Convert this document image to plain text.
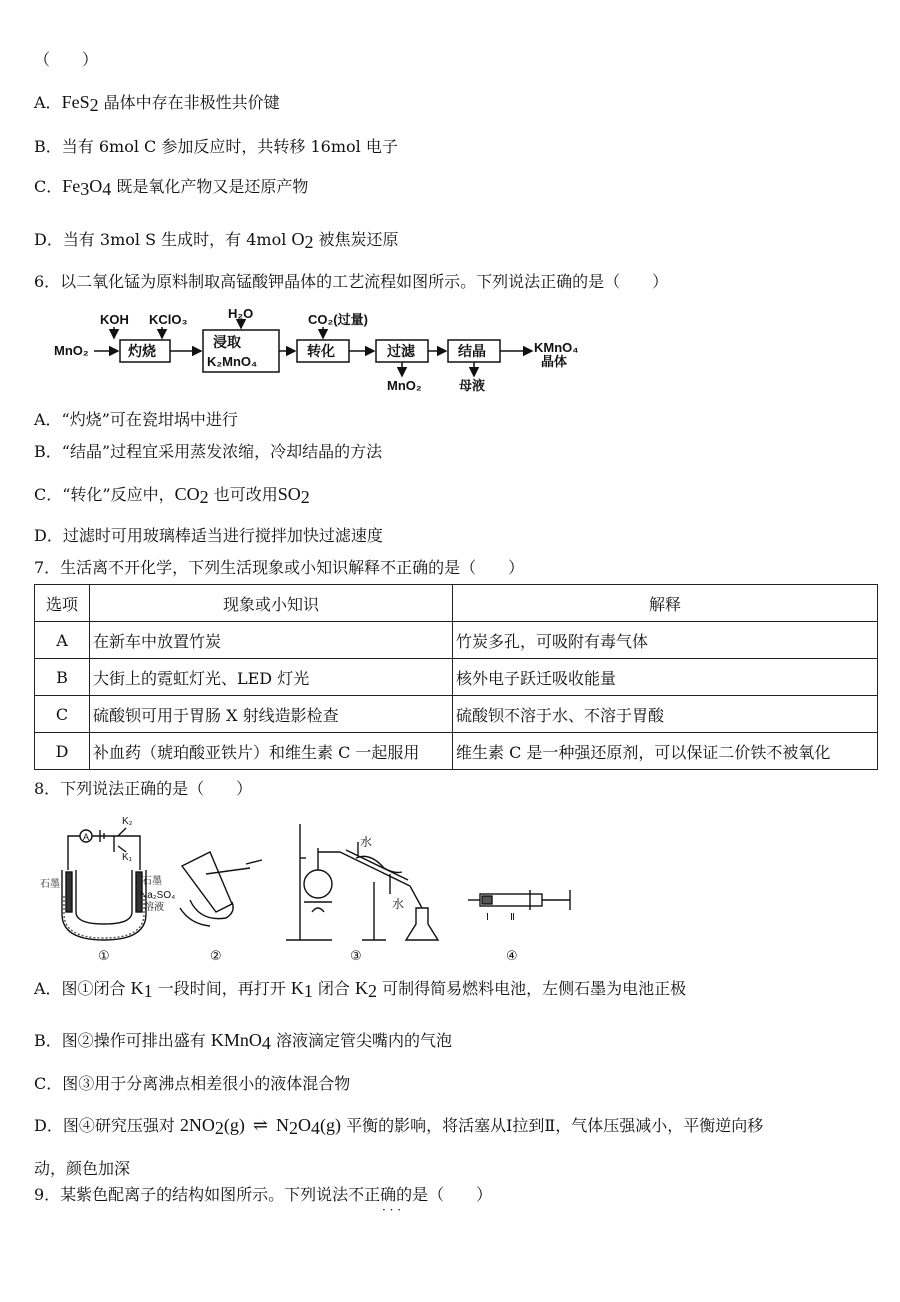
（　　）
A．FeS$_2$ 晶体中存在非极性共价键
B．当有 6mol C 参加反应时，共转移 16mol 电子
C．$Fe_3O_4$ 既是氧化产物又是还原产物
D．当有 3mol S 生成时，有 4mol $O_2$ 被焦炭还原
6．以二氧化锰为原料制取高锰酸钾晶体的工艺流程如图所示。下列说法正确的是（　　）
MnO₂
KOH KClO₃	H₂O	CO₂(过量)
灼烧
浸取
K₂MnO₄
转化	过滤
MnO₂
结晶
母液
KMnO₄
晶体
A．“灼烧”可在瓷坩埚中进行
B．“结晶”过程宜采用蒸发浓缩，冷却结晶的方法
C．“转化”反应中，$CO_2$ 也可改用$SO_2$
D．过滤时可用玻璃棒适当进行搅拌加快过滤速度
7．生活离不开化学，下列生活现象或小知识解释不正确的是（　　）
选项	现象或小知识	解释
A	在新车中放置竹炭	竹炭多孔，可吸附有毒气体
B	大街上的霓虹灯光、LED 灯光	核外电子跃迁吸收能量
C	硫酸钡可用于胃肠 X 射线造影检查	硫酸钡不溶于水、不溶于胃酸
D	补血药（琥珀酸亚铁片）和维生素 C 一起服用	维生素 C 是一种强还原剂，可以保证二价铁不被氧化
8．下列说法正确的是（　　）
K₂
K₁
A
石墨	石墨
Na₂SO₄
溶液
水
水
Ⅰ Ⅱ
①	②	③	④
A．图①闭合 $K_1$ 一段时间，再打开 $K_1$ 闭合 $K_2$ 可制得简易燃料电池，左侧石墨为电池正极
B．图②操作可排出盛有 KMnO$_4$ 溶液滴定管尖嘴内的气泡
C．图③用于分离沸点相差很小的液体混合物
D．图④研究压强对 $2NO_2(g)$ ⇌ $N_2O_4(g)$ 平衡的影响，将活塞从Ⅰ拉到Ⅱ，气体压强减小，平衡逆向移
动，颜色加深
9．某紫色配离子的结构如图所示。下列说法不正确的是（　　）
· · ·
